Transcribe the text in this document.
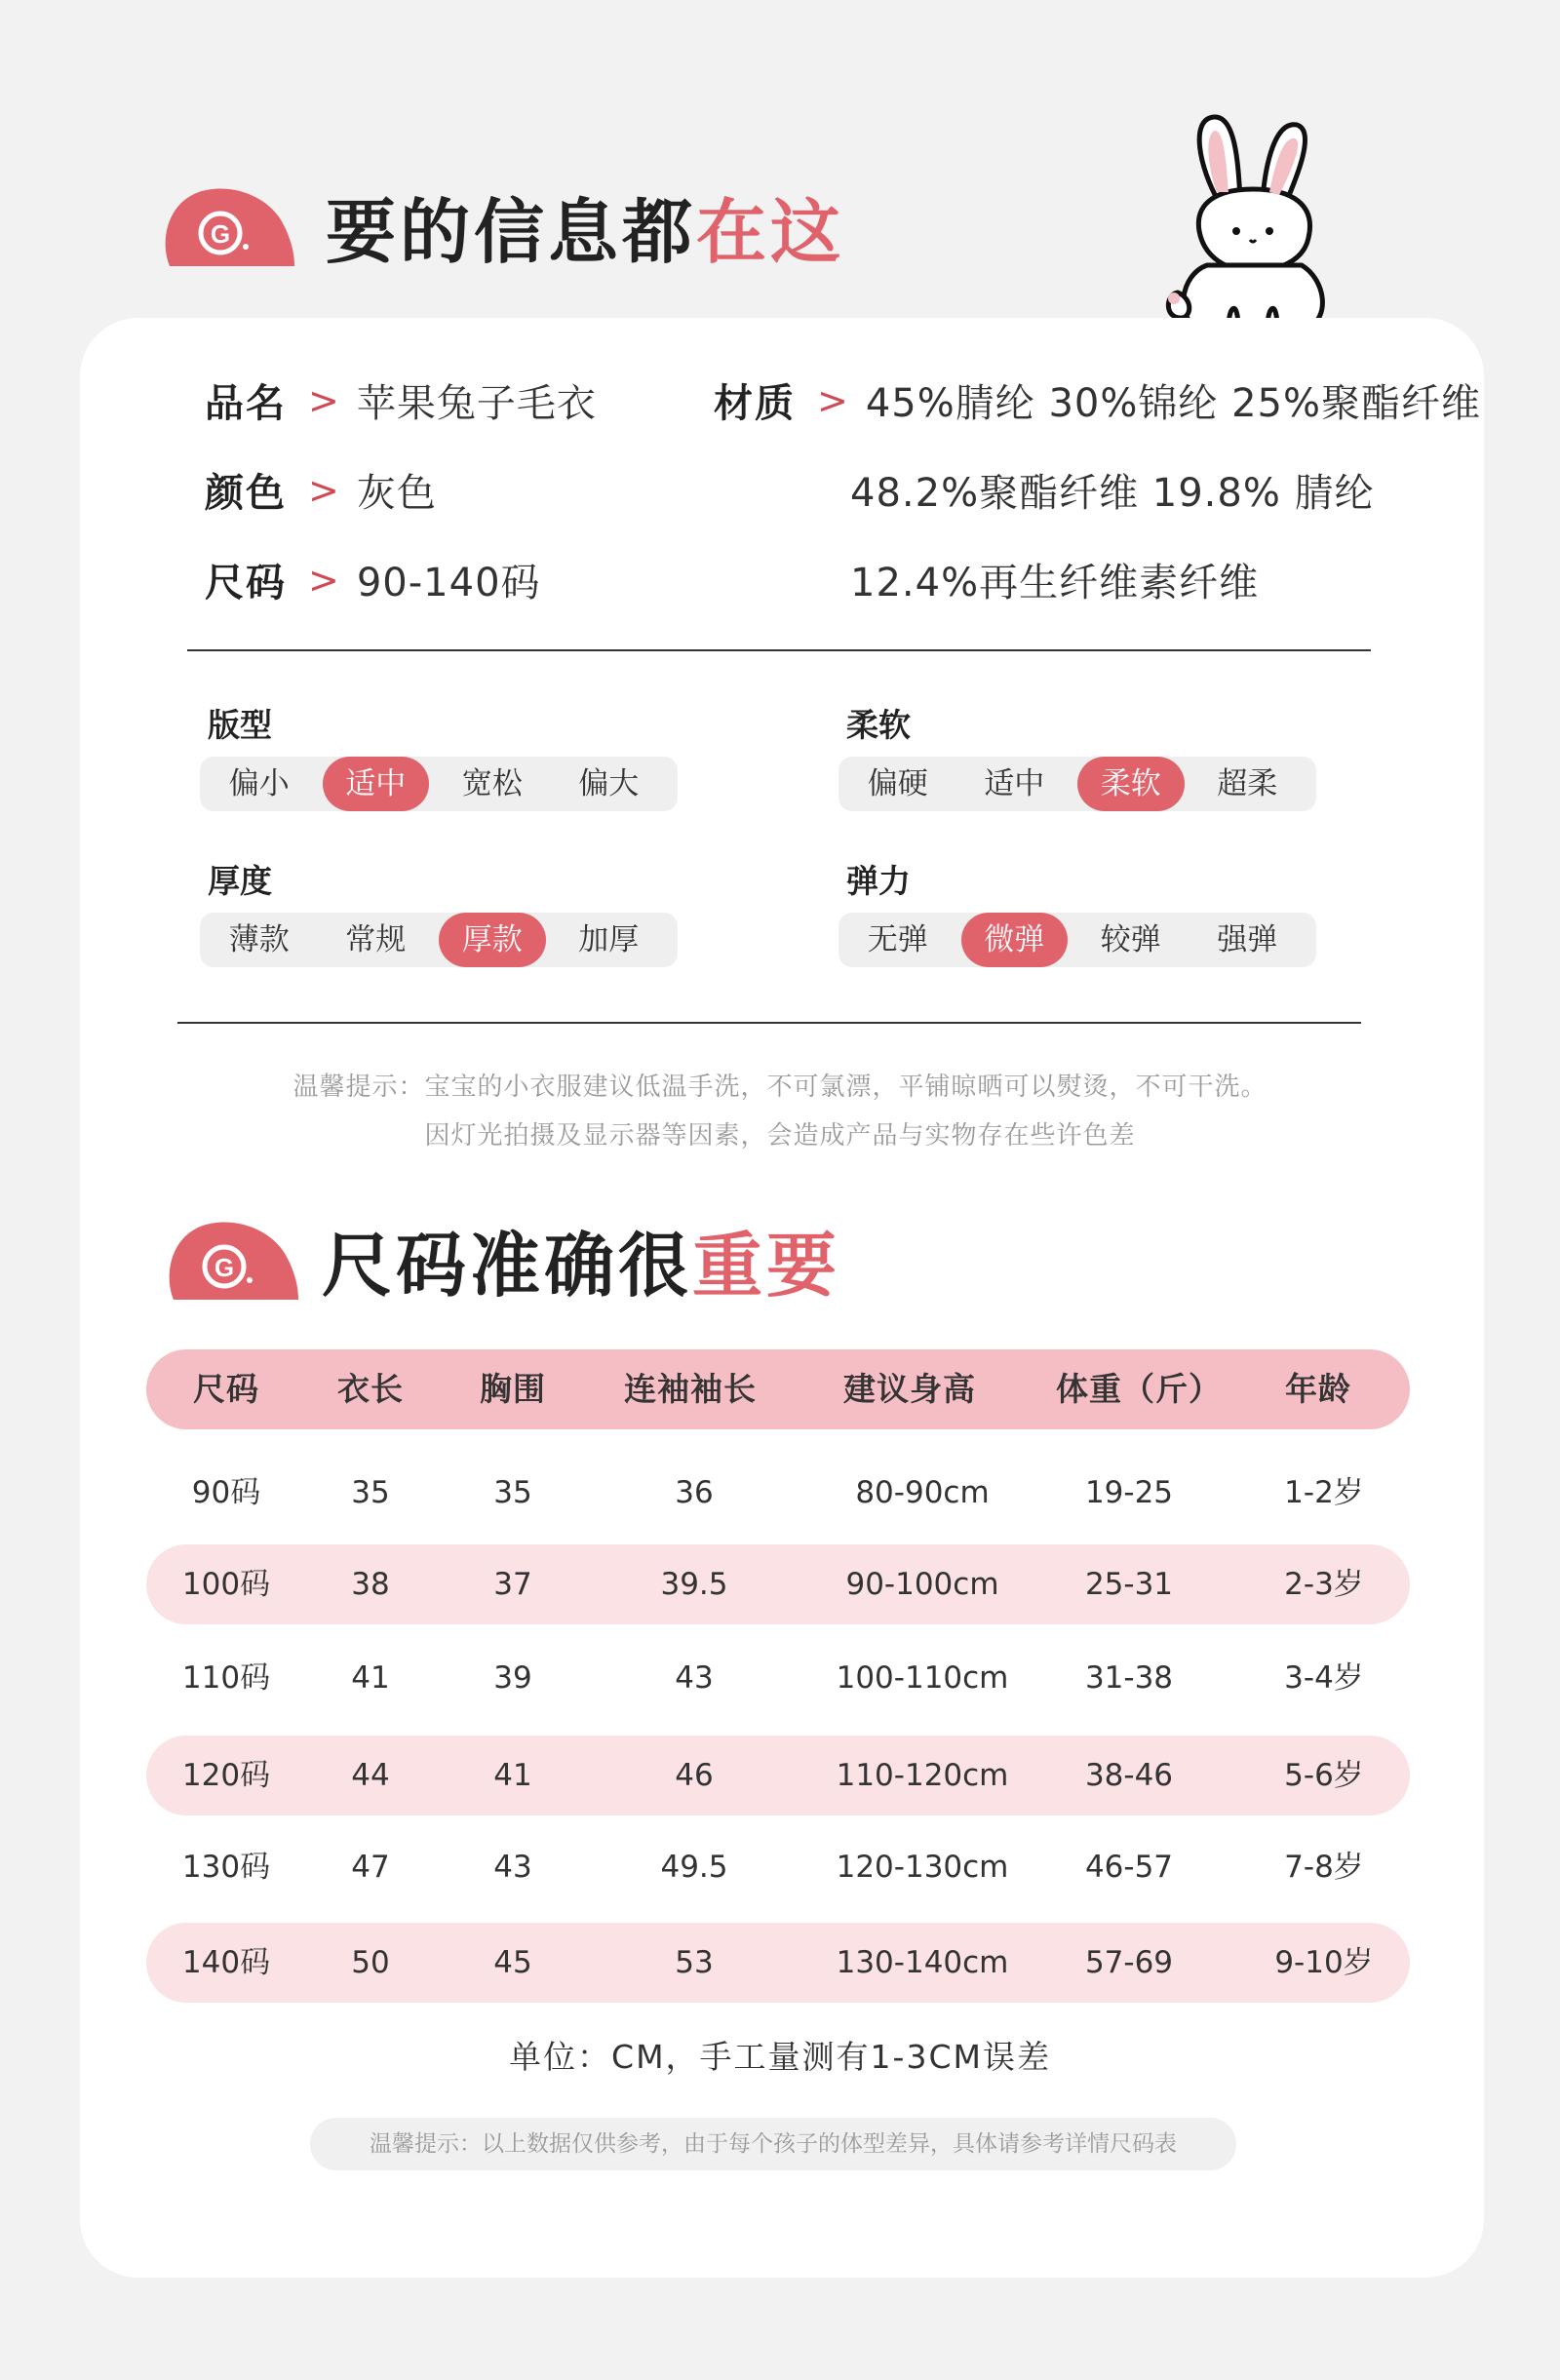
G 要的信息都在这
品名 > 苹果兔子毛衣
颜色 > 灰色
尺码 > 90-140码
材质 > 45%腈纶 30%锦纶 25%聚酯纤维
48.2%聚酯纤维 19.8% 腈纶
12.4%再生纤维素纤维
版型
偏小	适中	宽松	偏大
柔软
偏硬	适中	柔软	超柔
厚度
薄款	常规	厚款	加厚
弹力
无弹	微弹	较弹	强弹
温馨提示：宝宝的小衣服建议低温手洗，不可氯漂，平铺晾晒可以熨烫，不可干洗。
因灯光拍摄及显示器等因素，会造成产品与实物存在些许色差
G 尺码准确很重要
尺码 衣长 胸围 连袖袖长	建议身高 体重（斤） 年龄
90码	35	35	36	80-90cm	19-25	1-2岁
100码	38	37	39.5	90-100cm	25-31	2-3岁
110码	41	39	43	100-110cm	31-38	3-4岁
120码	44	41	46	110-120cm	38-46	5-6岁
130码	47	43	49.5	120-130cm	46-57	7-8岁
140码	50	45	53	130-140cm	57-69	9-10岁
单位：CM，手工量测有1-3CM误差
温馨提示：以上数据仅供参考，由于每个孩子的体型差异，具体请参考详情尺码表
